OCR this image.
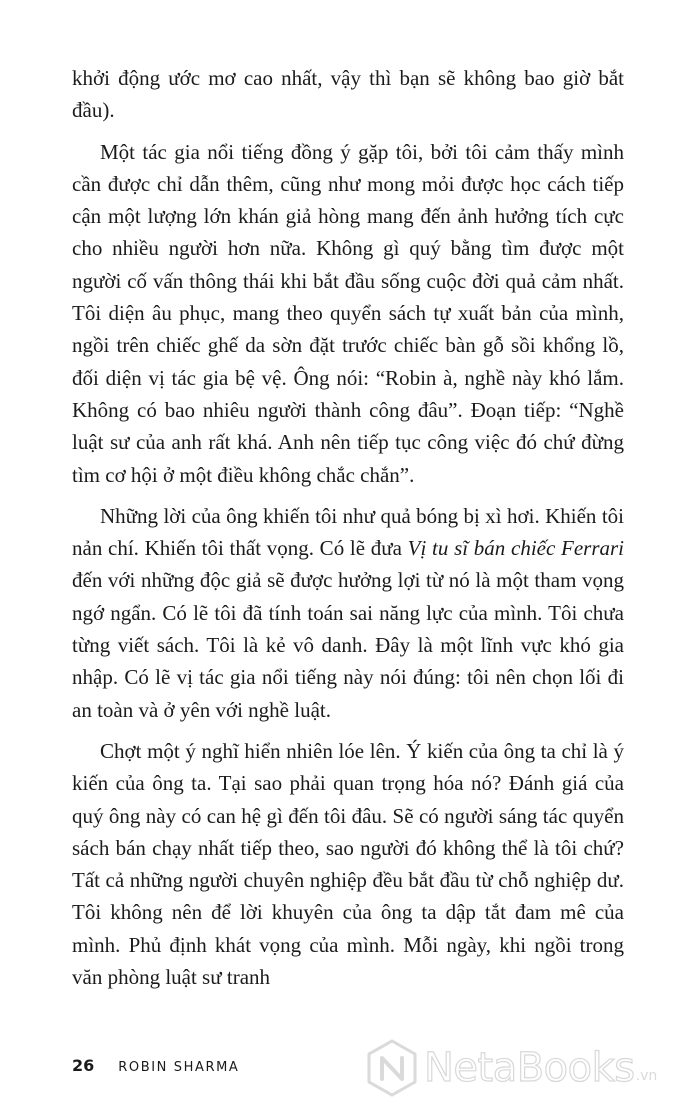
khởi động ước mơ cao nhất, vậy thì bạn sẽ không bao giờ bắt đầu).

Một tác gia nổi tiếng đồng ý gặp tôi, bởi tôi cảm thấy mình cần được chỉ dẫn thêm, cũng như mong mỏi được học cách tiếp cận một lượng lớn khán giả hòng mang đến ảnh hưởng tích cực cho nhiều người hơn nữa. Không gì quý bằng tìm được một người cố vấn thông thái khi bắt đầu sống cuộc đời quả cảm nhất. Tôi diện âu phục, mang theo quyển sách tự xuất bản của mình, ngồi trên chiếc ghế da sờn đặt trước chiếc bàn gỗ sồi khổng lồ, đối diện vị tác gia bệ vệ. Ông nói: “Robin à, nghề này khó lắm. Không có bao nhiêu người thành công đâu”. Đoạn tiếp: “Nghề luật sư của anh rất khá. Anh nên tiếp tục công việc đó chứ đừng tìm cơ hội ở một điều không chắc chắn”.

Những lời của ông khiến tôi như quả bóng bị xì hơi. Khiến tôi nản chí. Khiến tôi thất vọng. Có lẽ đưa Vị tu sĩ bán chiếc Ferrari đến với những độc giả sẽ được hưởng lợi từ nó là một tham vọng ngớ ngẩn. Có lẽ tôi đã tính toán sai năng lực của mình. Tôi chưa từng viết sách. Tôi là kẻ vô danh. Đây là một lĩnh vực khó gia nhập. Có lẽ vị tác gia nổi tiếng này nói đúng: tôi nên chọn lối đi an toàn và ở yên với nghề luật.

Chợt một ý nghĩ hiển nhiên lóe lên. Ý kiến của ông ta chỉ là ý kiến của ông ta. Tại sao phải quan trọng hóa nó? Đánh giá của quý ông này có can hệ gì đến tôi đâu. Sẽ có người sáng tác quyển sách bán chạy nhất tiếp theo, sao người đó không thể là tôi chứ? Tất cả những người chuyên nghiệp đều bắt đầu từ chỗ nghiệp dư. Tôi không nên để lời khuyên của ông ta dập tắt đam mê của mình. Phủ định khát vọng của mình. Mỗi ngày, khi ngồi trong văn phòng luật sư tranh

26 ROBIN SHARMA	NetaBooks .vn
